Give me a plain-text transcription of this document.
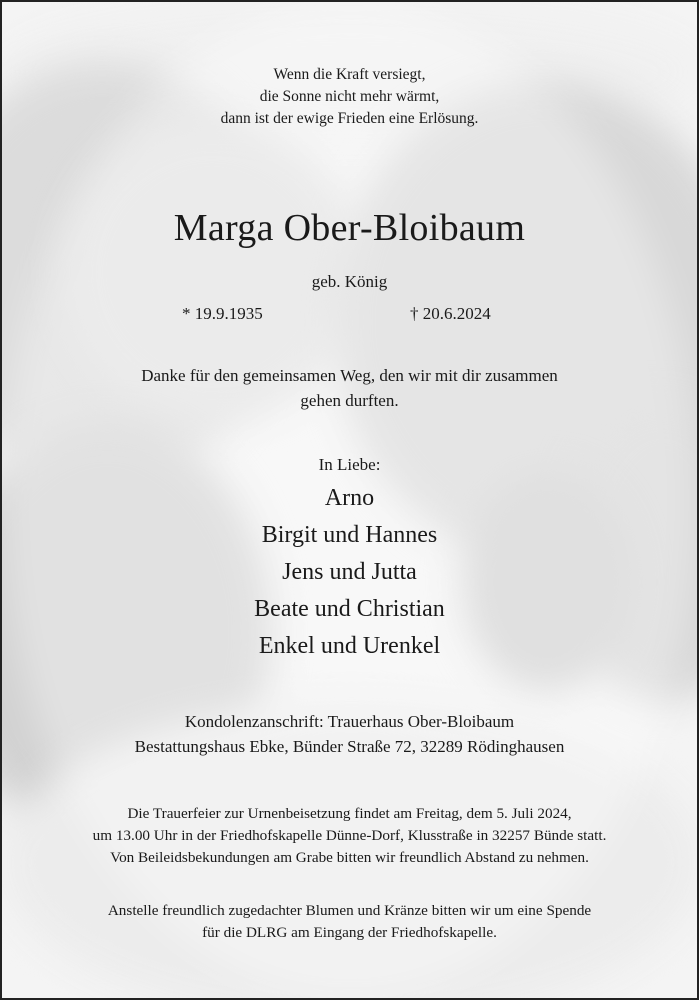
Wenn die Kraft versiegt,
die Sonne nicht mehr wärmt,
dann ist der ewige Frieden eine Erlösung.
Marga Ober-Bloibaum
geb. König
* 19.9.1935	† 20.6.2024
Danke für den gemeinsamen Weg, den wir mit dir zusammen
gehen durften.
In Liebe:
Arno
Birgit und Hannes
Jens und Jutta
Beate und Christian
Enkel und Urenkel
Kondolenzanschrift: Trauerhaus Ober-Bloibaum
Bestattungshaus Ebke, Bünder Straße 72, 32289 Rödinghausen
Die Trauerfeier zur Urnenbeisetzung findet am Freitag, dem 5. Juli 2024,
um 13.00 Uhr in der Friedhofskapelle Dünne-Dorf, Klusstraße in 32257 Bünde statt.
Von Beileidsbekundungen am Grabe bitten wir freundlich Abstand zu nehmen.
Anstelle freundlich zugedachter Blumen und Kränze bitten wir um eine Spende
für die DLRG am Eingang der Friedhofskapelle.
